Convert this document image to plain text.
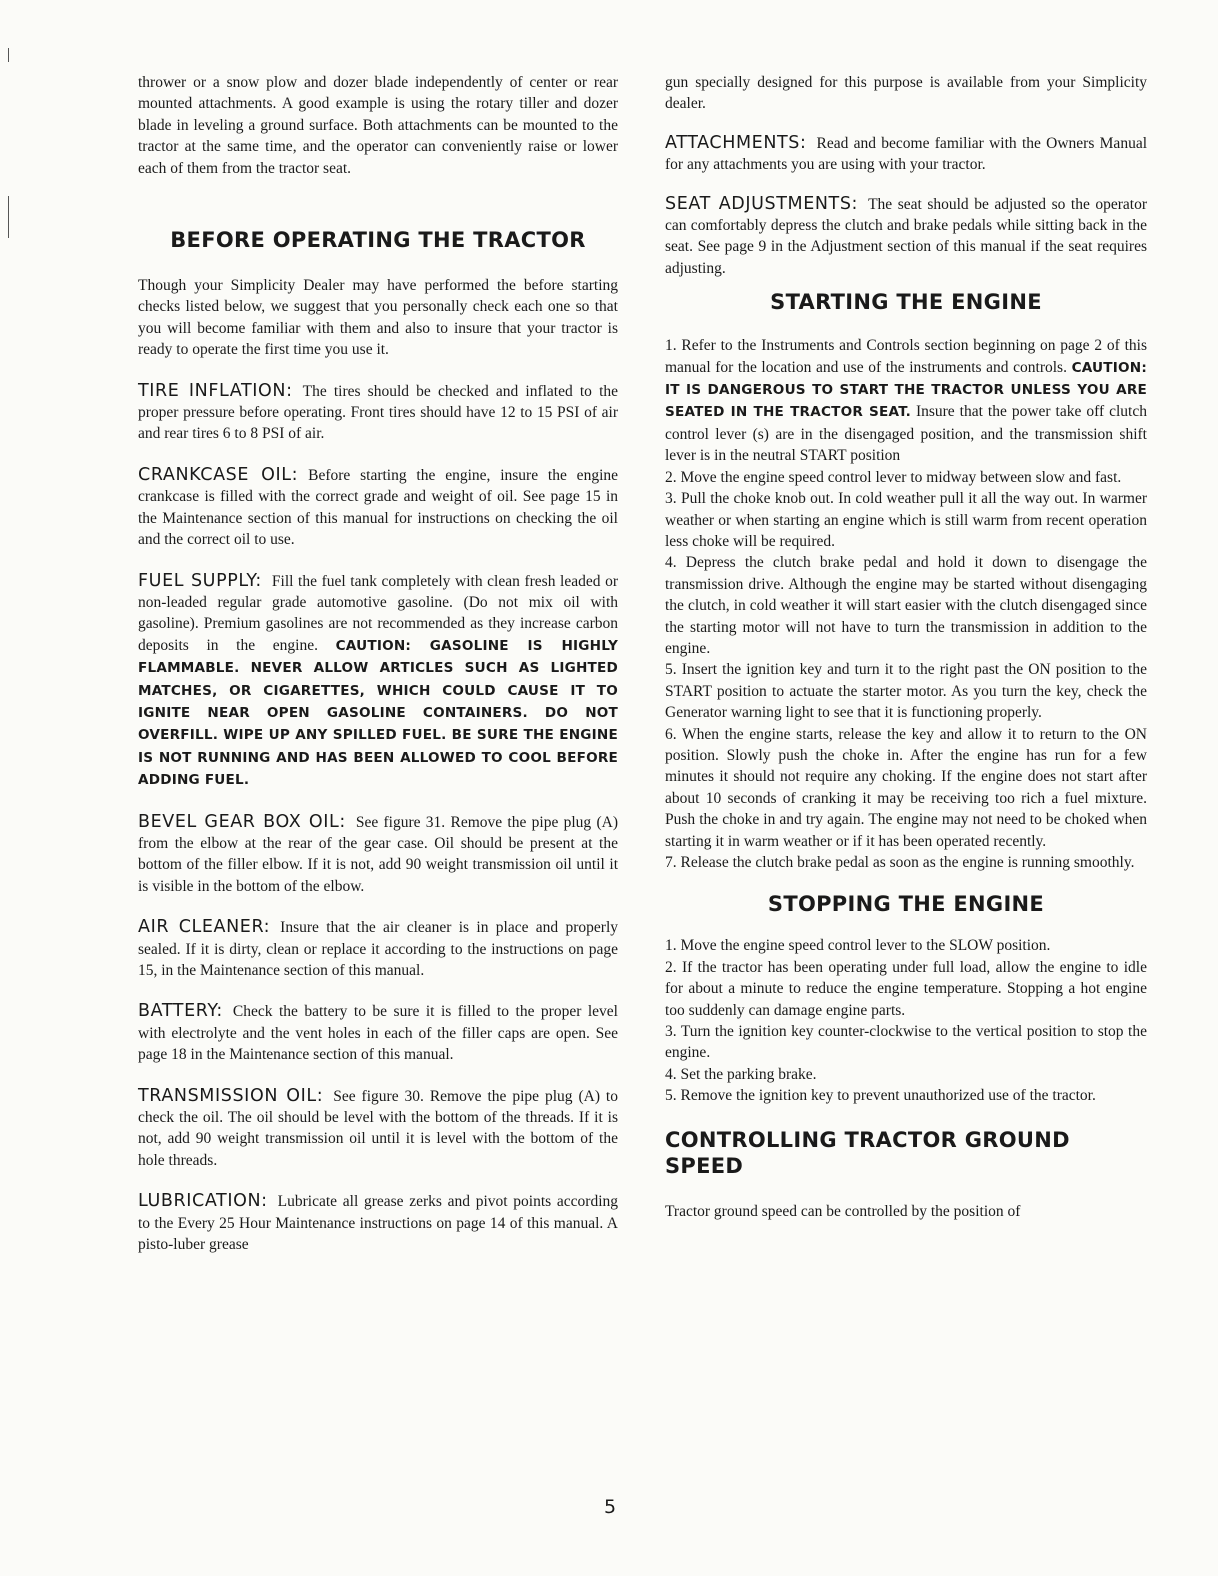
thrower or a snow plow and dozer blade independently of center or rear mounted attachments. A good example is using the rotary tiller and dozer blade in leveling a ground surface. Both attachments can be mounted to the tractor at the same time, and the operator can conveniently raise or lower each of them from the tractor seat.

BEFORE OPERATING THE TRACTOR

Though your Simplicity Dealer may have performed the before starting checks listed below, we suggest that you personally check each one so that you will become familiar with them and also to insure that your tractor is ready to operate the first time you use it.

TIRE INFLATION: The tires should be checked and inflated to the proper pressure before operating. Front tires should have 12 to 15 PSI of air and rear tires 6 to 8 PSI of air.

CRANKCASE OIL: Before starting the engine, insure the engine crankcase is filled with the correct grade and weight of oil. See page 15 in the Maintenance section of this manual for instructions on checking the oil and the correct oil to use.

FUEL SUPPLY: Fill the fuel tank completely with clean fresh leaded or non-leaded regular grade automotive gasoline. (Do not mix oil with gasoline). Premium gasolines are not recommended as they increase carbon deposits in the engine. CAUTION: GASOLINE IS HIGHLY FLAMMABLE. NEVER ALLOW ARTICLES SUCH AS LIGHTED MATCHES, OR CIGARETTES, WHICH COULD CAUSE IT TO IGNITE NEAR OPEN GASOLINE CONTAINERS. DO NOT OVERFILL. WIPE UP ANY SPILLED FUEL. BE SURE THE ENGINE IS NOT RUNNING AND HAS BEEN ALLOWED TO COOL BEFORE ADDING FUEL.

BEVEL GEAR BOX OIL: See figure 31. Remove the pipe plug (A) from the elbow at the rear of the gear case. Oil should be present at the bottom of the filler elbow. If it is not, add 90 weight transmission oil until it is visible in the bottom of the elbow.

AIR CLEANER: Insure that the air cleaner is in place and properly sealed. If it is dirty, clean or replace it according to the instructions on page 15, in the Maintenance section of this manual.

BATTERY: Check the battery to be sure it is filled to the proper level with electrolyte and the vent holes in each of the filler caps are open. See page 18 in the Maintenance section of this manual.

TRANSMISSION OIL: See figure 30. Remove the pipe plug (A) to check the oil. The oil should be level with the bottom of the threads. If it is not, add 90 weight transmission oil until it is level with the bottom of the hole threads.

LUBRICATION: Lubricate all grease zerks and pivot points according to the Every 25 Hour Maintenance instructions on page 14 of this manual. A pisto-luber grease

gun specially designed for this purpose is available from your Simplicity dealer.

ATTACHMENTS: Read and become familiar with the Owners Manual for any attachments you are using with your tractor.

SEAT ADJUSTMENTS: The seat should be adjusted so the operator can comfortably depress the clutch and brake pedals while sitting back in the seat. See page 9 in the Adjustment section of this manual if the seat requires adjusting.

STARTING THE ENGINE

1. Refer to the Instruments and Controls section beginning on page 2 of this manual for the location and use of the instruments and controls. CAUTION: IT IS DANGEROUS TO START THE TRACTOR UNLESS YOU ARE SEATED IN THE TRACTOR SEAT. Insure that the power take off clutch control lever (s) are in the disengaged position, and the transmission shift lever is in the neutral START position

2. Move the engine speed control lever to midway between slow and fast.

3. Pull the choke knob out. In cold weather pull it all the way out. In warmer weather or when starting an engine which is still warm from recent operation less choke will be required.

4. Depress the clutch brake pedal and hold it down to disengage the transmission drive. Although the engine may be started without disengaging the clutch, in cold weather it will start easier with the clutch disengaged since the starting motor will not have to turn the transmission in addition to the engine.

5. Insert the ignition key and turn it to the right past the ON position to the START position to actuate the starter motor. As you turn the key, check the Generator warning light to see that it is functioning properly.

6. When the engine starts, release the key and allow it to return to the ON position. Slowly push the choke in. After the engine has run for a few minutes it should not require any choking. If the engine does not start after about 10 seconds of cranking it may be receiving too rich a fuel mixture. Push the choke in and try again. The engine may not need to be choked when starting it in warm weather or if it has been operated recently.

7. Release the clutch brake pedal as soon as the engine is running smoothly.

STOPPING THE ENGINE

1. Move the engine speed control lever to the SLOW position.

2. If the tractor has been operating under full load, allow the engine to idle for about a minute to reduce the engine temperature. Stopping a hot engine too suddenly can damage engine parts.

3. Turn the ignition key counter-clockwise to the vertical position to stop the engine.

4. Set the parking brake.

5. Remove the ignition key to prevent unauthorized use of the tractor.

CONTROLLING TRACTOR GROUND SPEED

Tractor ground speed can be controlled by the position of

5
